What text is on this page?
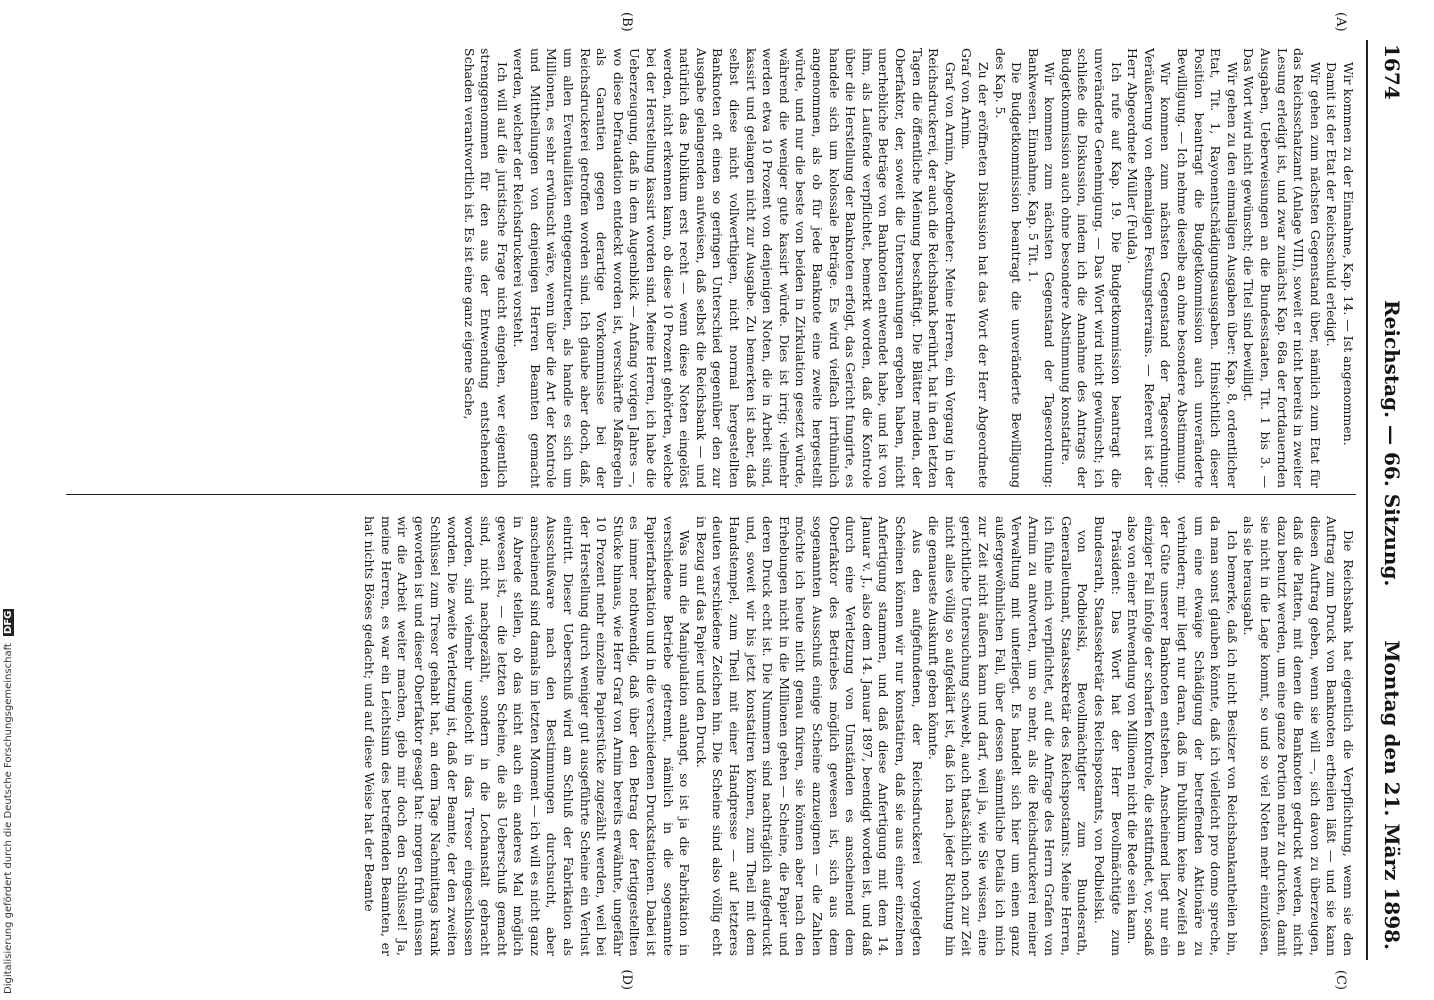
1674
Reichstag. — 66. Sitzung.
Montag den 21. März 1898.
(A)
(B)
(C)
(D)

Wir kommen zu der Einnahme, Kap. 14. — Ist angenommen.

Damit ist der Etat der Reichsschuld erledigt.

Wir gehen zum nächsten Gegenstand über, nämlich zum Etat für das Reichsschatzamt (Anlage VIII), soweit er nicht bereits in zweiter Lesung erledigt ist, und zwar zunächst Kap. 68a der fortdauernden Ausgaben, Ueberweisungen an die Bundesstaaten, Tit. 1 bis 3. — Das Wort wird nicht gewünscht; die Titel sind bewilligt.

Wir gehen zu den einmaligen Ausgaben über: Kap. 8, ordentlicher Etat, Tit. 1, Rayonentschädigungsausgaben. Hinsichtlich dieser Position beantragt die Budgetkommission auch unveränderte Bewilligung. — Ich nehme dieselbe an ohne besondere Abstimmung.

Wir kommen zum nächsten Gegenstand der Tagesordnung: Veräußerung von ehemaligen Festungsterrains. — Referent ist der Herr Abgeordnete Müller (Fulda).

Ich rufe auf Kap. 19. Die Budgetkommission beantragt die unveränderte Genehmigung. — Das Wort wird nicht gewünscht; ich schließe die Diskussion, indem ich die Annahme des Antrags der Budgetkommission auch ohne besondere Abstimmung konstatire.

Wir kommen zum nächsten Gegenstand der Tagesordnung: Bankwesen. Einnahme, Kap. 5 Tit. 1.

Die Budgetkommission beantragt die unveränderte Bewilligung des Kap. 5.

Zu der eröffneten Diskussion hat das Wort der Herr Abgeordnete Graf von Arnim.

Graf von Arnim, Abgeordneter: Meine Herren, ein Vorgang in der Reichsdruckerei, der auch die Reichsbank berührt, hat in den letzten Tagen die öffentliche Meinung beschäftigt. Die Blätter melden, der Oberfaktor, der, soweit die Untersuchungen ergeben haben, nicht unerhebliche Beträge von Banknoten entwendet habe, und ist von ihm, als Laufende verpflichtet, bemerkt worden, daß die Kontrole über die Herstellung der Banknoten erfolgt, das Gericht fungirte, es handele sich um kolossale Beträge. Es wird vielfach irrthümlich angenommen, als ob für jede Banknote eine zweite hergestellt würde, und nur die beste von beiden in Zirkulation gesetzt würde, während die weniger gute kassirt würde. Dies ist irrig; vielmehr werden etwa 10 Prozent von denjenigen Noten, die in Arbeit sind, kassirt und gelangen nicht zur Ausgabe. Zu bemerken ist aber, daß selbst diese nicht vollwerthigen, nicht normal hergestellten Banknoten oft einen so geringen Unterschied gegenüber den zur Ausgabe gelangenden aufweisen, daß selbst die Reichsbank — und natürlich das Publikum erst recht — wenn diese Noten eingelöst werden, nicht erkennen kann, ob diese 10 Prozent gehörten, welche bei der Herstellung kassirt worden sind. Meine Herren, ich habe die Ueberzeugung, daß in dem Augenblick — Anfang vorigen Jahres —, wo diese Defraudation entdeckt worden ist, verschärfte Maßregeln als Garantien gegen derartige Vorkommnisse bei der Reichsdruckerei getroffen worden sind. Ich glaube aber doch, daß, um allen Eventualitäten entgegenzutreten, als handle es sich um Millionen, es sehr erwünscht wäre, wenn über die Art der Kontrole und Mittheilungen von denjenigen Herren Beamten gemacht werden, welcher der Reichsdruckerei vorsteht.

Ich will auf die juristische Frage nicht eingehen, wer eigentlich strenggenommen für den aus der Entwendung entstehenden Schaden verantwortlich ist. Es ist eine ganz eigene Sache,

Die Reichsbank hat eigentlich die Verpflichtung, wenn sie den Auftrag zum Druck von Banknoten ertheilen läßt — und sie kann diesen Auftrag geben, wenn sie will —, sich davon zu überzeugen, daß die Platten, mit denen die Banknoten gedruckt werden, nicht dazu benutzt werden, um eine ganze Portion mehr zu drucken, damit sie nicht in die Lage kommt, so und so viel Noten mehr einzulösen, als sie herausgabt.

Ich bemerke, daß ich nicht Besitzer von Reichsbankantheilen bin, da man sonst glauben könnte, daß ich vielleicht pro domo spreche, um eine etwaige Schädigung der betreffenden Aktionäre zu verhindern; mir liegt nur daran, daß im Publikum keine Zweifel an der Güte unserer Banknoten entstehen. Anscheinend liegt nur ein einziger Fall infolge der scharfen Kontrole, die stattfindet, vor, sodaß also von einer Entwendung von Millionen nicht die Rede sein kann.

Präsident: Das Wort hat der Herr Bevollmächtigte zum Bundesrath, Staatssekretär des Reichspostamts, von Podbielski.

von Podbielski, Bevollmächtigter zum Bundesrath, Generalleutnant, Staatssekretär des Reichspostamts: Meine Herren, ich fühle mich verpflichtet, auf die Anfrage des Herrn Grafen von Arnim zu antworten, um so mehr, als die Reichsdruckerei meiner Verwaltung mit unterliegt. Es handelt sich hier um einen ganz außergewöhnlichen Fall, über dessen sämmtliche Details ich mich zur Zeit nicht äußern kann und darf, weil ja, wie Sie wissen, eine gerichtliche Untersuchung schwebt, auch thatsächlich noch zur Zeit nicht alles völlig so aufgeklärt ist, daß ich nach jeder Richtung hin die genaueste Auskunft geben könnte.

Aus den aufgefundenen, der Reichsdruckerei vorgelegten Scheinen können wir nur konstatiren, daß sie aus einer einzelnen Anfertigung stammen, und daß diese Anfertigung mit dem 14. Januar v. J., also dem 14. Januar 1897, beendigt worden ist, und daß durch eine Verletzung von Umständen es anscheinend dem Oberfaktor des Betriebes möglich gewesen ist, sich aus dem sogenannten Ausschuß einige Scheine anzueignen — die Zahlen möchte ich heute nicht genau fixiren, sie können aber nach den Erhebungen nicht in die Millionen gehen — Scheine, die Papier und deren Druck echt ist. Die Nummern sind nachträglich aufgedruckt und, soweit wir bis jetzt konstatiren können, zum Theil mit dem Handstempel, zum Theil mit einer Handpresse — auf letzteres deuten verschiedene Zeichen hin. Die Scheine sind also völlig echt in Bezug auf das Papier und den Druck.

Was nun die Manipulation anlangt, so ist ja die Fabrikation in verschiedene Betriebe getrennt, nämlich in die sogenannte Papierfabrikation und in die verschiedenen Druckstationen. Dabei ist es immer nothwendig, daß über den Betrag der fertiggestellten Stücke hinaus, wie Herr Graf von Arnim bereits erwähnte, ungefähr 10 Prozent mehr einzelne Papierstücke zugezählt werden, weil bei der Herstellung durch weniger gut ausgeführte Scheine ein Verlust eintritt. Dieser Ueberschuß wird am Schluß der Fabrikation als Ausschußware nach den Bestimmungen durchsucht, aber anscheinend sind damals im letzten Moment — ich will es nicht ganz in Abrede stellen, ob das nicht auch ein anderes Mal möglich gewesen ist, — die letzten Scheine, die als Ueberschuß gemacht sind, nicht nachgezählt, sondern in die Lochanstalt gebracht worden, sind vielmehr ungelocht in das Tresor eingeschlossen worden. Die zweite Verletzung ist, daß der Beamte, der den zweiten Schlüssel zum Tresor gehabt hat, an dem Tage Nachmittags krank geworden ist und dieser Oberfaktor gesagt hat: morgen früh müssen wir die Arbeit weiter machen, gieb mir doch den Schlüssel! Ja, meine Herren, es war ein Leichtsinn des betreffenden Beamten, er hat nichts Böses gedacht; und auf diese Weise hat der Beamte

Digitalisierung gefördert durch die Deutsche Forschungsgemeinschaft DFG
